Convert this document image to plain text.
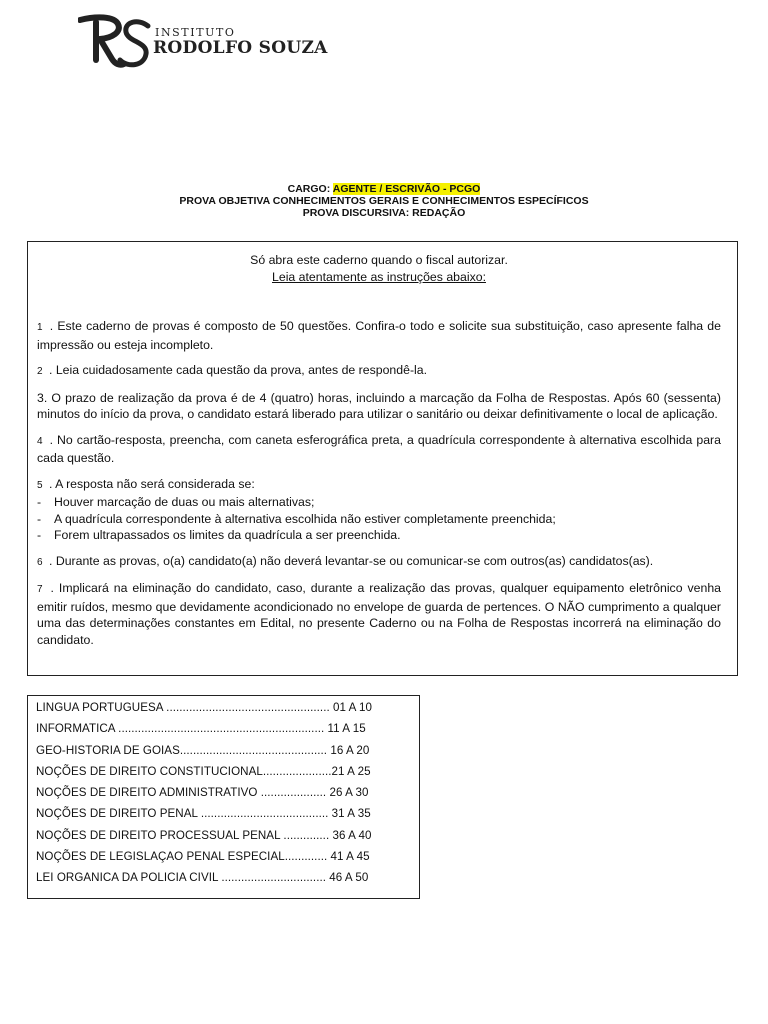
INSTITUTO
RODOLFO SOUZA
CARGO: AGENTE / ESCRIVÃO - PCGO
PROVA OBJETIVA CONHECIMENTOS GERAIS E CONHECIMENTOS ESPECÍFICOS
PROVA DISCURSIVA: REDAÇÃO
Só abra este caderno quando o fiscal autorizar.
Leia atentamente as instruções abaixo:

1 . Este caderno de provas é composto de 50 questões. Confira-o todo e solicite sua substituição, caso apresente falha de impressão ou esteja incompleto.

2 . Leia cuidadosamente cada questão da prova, antes de respondê-la.

3. O prazo de realização da prova é de 4 (quatro) horas, incluindo a marcação da Folha de Respostas. Após 60 (sessenta) minutos do início da prova, o candidato estará liberado para utilizar o sanitário ou deixar definitivamente o local de aplicação.

4 . No cartão-resposta, preencha, com caneta esferográfica preta, a quadrícula correspondente à alternativa escolhida para cada questão.

5 . A resposta não será considerada se:

- Houver marcação de duas ou mais alternativas;
- A quadrícula correspondente à alternativa escolhida não estiver completamente preenchida;
- Forem ultrapassados os limites da quadrícula a ser preenchida.

6 . Durante as provas, o(a) candidato(a) não deverá levantar-se ou comunicar-se com outros(as) candidatos(as).

7 . Implicará na eliminação do candidato, caso, durante a realização das provas, qualquer equipamento eletrônico venha emitir ruídos, mesmo que devidamente acondicionado no envelope de guarda de pertences. O NÃO cumprimento a qualquer uma das determinações constantes em Edital, no presente Caderno ou na Folha de Respostas incorrerá na eliminação do candidato.

LINGUA PORTUGUESA .................................................. 01 A 10
INFORMATICA ............................................................... 11 A 15
GEO-HISTORIA DE GOIAS............................................. 16 A 20
NOÇÕES DE DIREITO CONSTITUCIONAL.....................21 A 25
NOÇÕES DE DIREITO ADMINISTRATIVO .................... 26 A 30
NOÇÕES DE DIREITO PENAL ....................................... 31 A 35
NOÇÕES DE DIREITO PROCESSUAL PENAL .............. 36 A 40
NOÇÕES DE LEGISLAÇAO PENAL ESPECIAL............. 41 A 45
LEI ORGANICA DA POLICIA CIVIL ................................ 46 A 50
